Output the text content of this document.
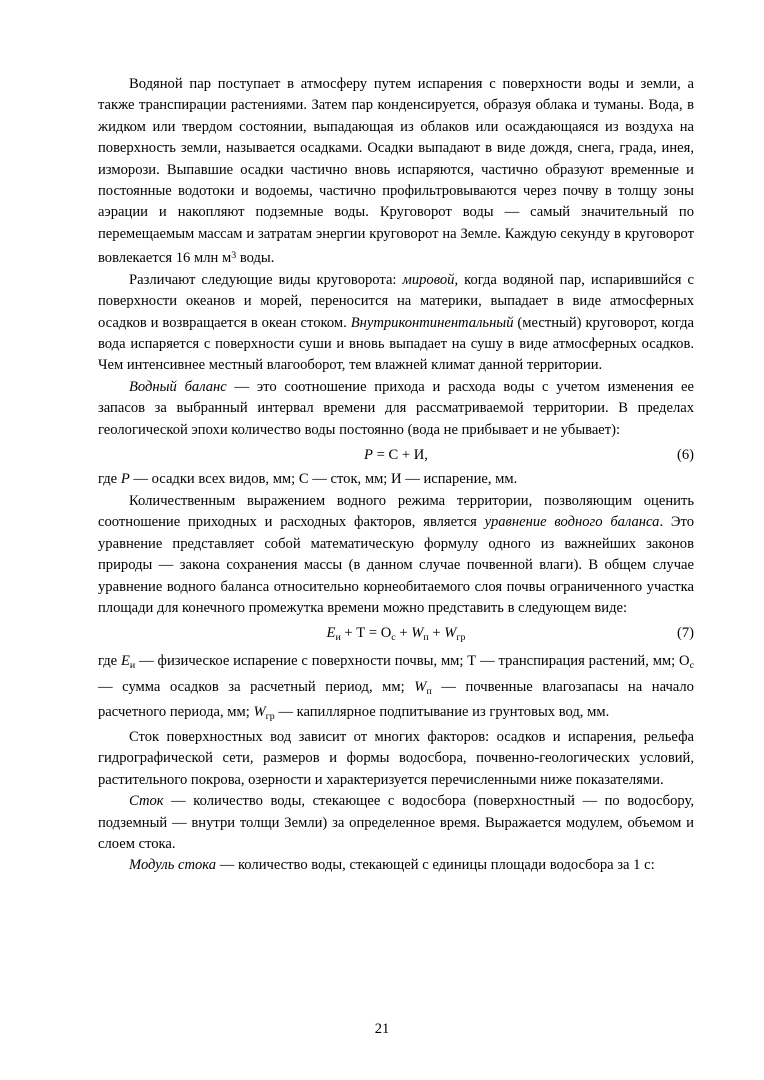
Водяной пар поступает в атмосферу путем испарения с поверхности воды и земли, а также транспирации растениями. Затем пар конденсируется, образуя облака и туманы. Вода, в жидком или твердом состоянии, выпадающая из облаков или осаждающаяся из воздуха на поверхность земли, называется осадками. Осадки выпадают в виде дождя, снега, града, инея, изморози. Выпавшие осадки частично вновь испаряются, частично образуют временные и постоянные водотоки и водоемы, частично профильтровываются через почву в толщу зоны аэрации и накопляют подземные воды. Круговорот воды — самый значительный по перемещаемым массам и затратам энергии круговорот на Земле. Каждую секунду в круговорот вовлекается 16 млн $м^3$ воды.

Различают следующие виды круговорота: мировой, когда водяной пар, испарившийся с поверхности океанов и морей, переносится на материки, выпадает в виде атмосферных осадков и возвращается в океан стоком. Внутриконтинентальный (местный) круговорот, когда вода испаряется с поверхности суши и вновь выпадает на сушу в виде атмосферных осадков. Чем интенсивнее местный влагооборот, тем влажней климат данной территории.

Водный баланс — это соотношение прихода и расхода воды с учетом изменения ее запасов за выбранный интервал времени для рассматриваемой территории. В пределах геологической эпохи количество воды постоянно (вода не прибывает и не убывает):

Р = С + И,	(6)

где Р — осадки всех видов, мм; С — сток, мм; И — испарение, мм.

Количественным выражением водного режима территории, позволяющим оценить соотношение приходных и расходных факторов, является уравнение водного баланса. Это уравнение представляет собой математическую формулу одного из важнейших законов природы — закона сохранения массы (в данном случае почвенной влаги). В общем случае уравнение водного баланса относительно корнеобитаемого слоя почвы ограниченного участка площади для конечного промежутка времени можно представить в следующем виде:

$Е_и + Т = О_с + W_п + W_{гр}$	(7)

где $Е_и$ — физическое испарение с поверхности почвы, мм; Т — транспирация растений, мм; $О_с$ — сумма осадков за расчетный период, мм; $W_п$ — почвенные влагозапасы на начало расчетного периода, мм; $W_{гр}$ — капиллярное подпитывание из грунтовых вод, мм.

Сток поверхностных вод зависит от многих факторов: осадков и испарения, рельефа гидрографической сети, размеров и формы водосбора, почвенно-геологических условий, растительного покрова, озерности и характеризуется перечисленными ниже показателями.

Сток — количество воды, стекающее с водосбора (поверхностный — по водосбору, подземный — внутри толщи Земли) за определенное время. Выражается модулем, объемом и слоем стока.

Модуль стока — количество воды, стекающей с единицы площади водосбора за 1 с:

21
